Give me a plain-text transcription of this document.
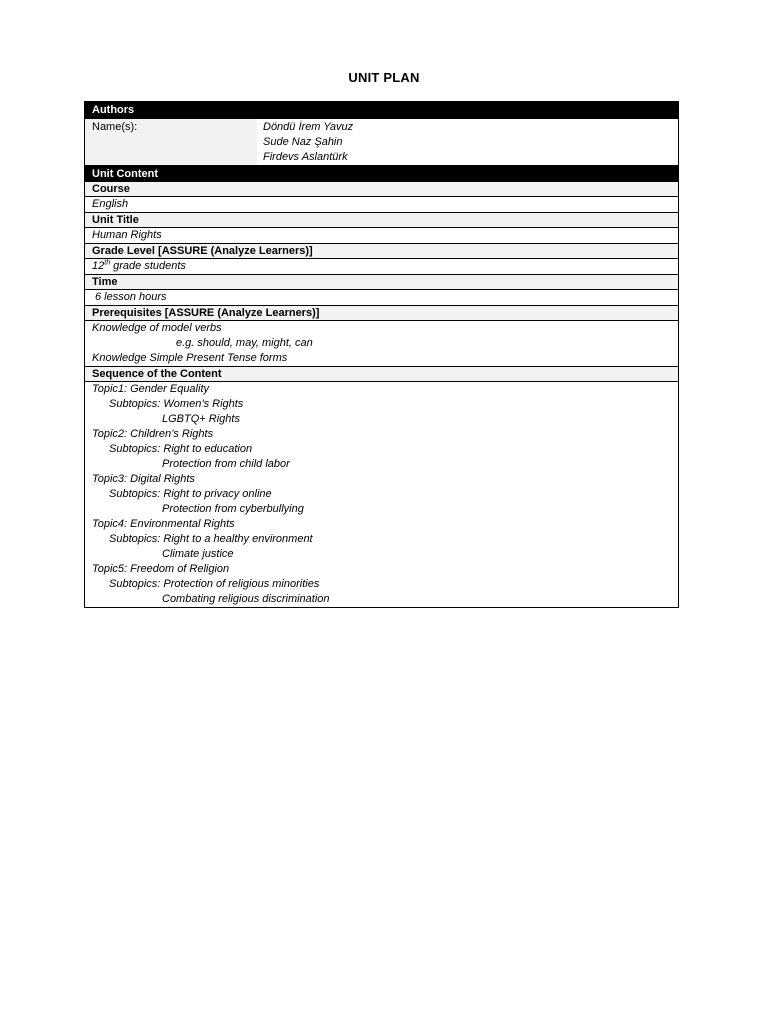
UNIT PLAN
Authors
Name(s):	Döndü İrem Yavuz
Sude Naz Şahin
Firdevs Aslantürk
Unit Content
Course
English
Unit Title
Human Rights
Grade Level [ASSURE (Analyze Learners)]
12th grade students
Time
6 lesson hours
Prerequisites [ASSURE (Analyze Learners)]
Knowledge of model verbs
e.g. should, may, might, can
Knowledge Simple Present Tense forms
Sequence of the Content
Topic1: Gender Equality
Subtopics: Women’s Rights
LGBTQ+ Rights
Topic2: Children’s Rights
Subtopics: Right to education
Protection from child labor
Topic3: Digital Rights
Subtopics: Right to privacy online
Protection from cyberbullying
Topic4: Environmental Rights
Subtopics: Right to a healthy environment
Climate justice
Topic5: Freedom of Religion
Subtopics: Protection of religious minorities
Combating religious discrimination
